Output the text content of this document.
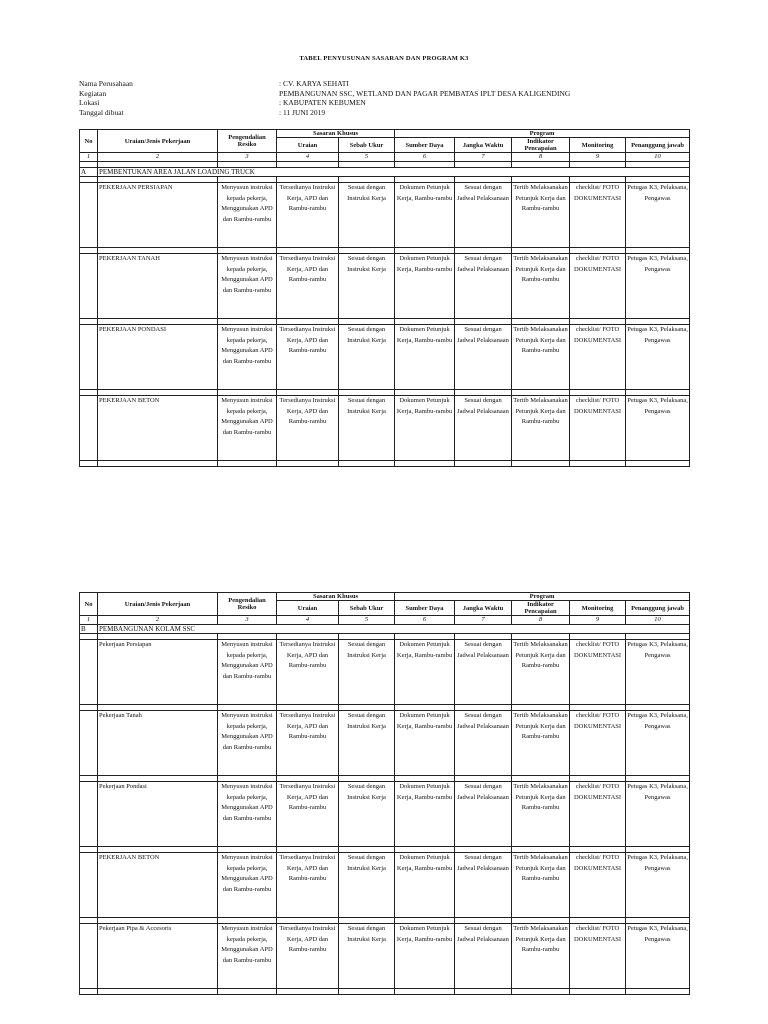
TABEL PENYUSUNAN SASARAN DAN PROGRAM K3
Nama Perusahaan	: CV. KARYA SEHATI
Kegiatan	PEMBANGUNAN SSC, WETLAND DAN PAGAR PEMBATAS IPLT DESA KALIGENDING
Lokasi	: KABUPATEN KEBUMEN
Tanggal dibuat	: 11 JUNI 2019
No	Uraian/Jenis Pekerjaan	Pengendalian Resiko	Sasaran Khusus		Program				
			Uraian	Sebab Ukur	Sumber Daya	Jangka Waktu	Indikator Pencapaian	Monitoring	Penanggung jawab
1	2	3	4	5	6	7	8	9	10

A	PEMBENTUKAN AREA JALAN LOADING TRUCK								

	PEKERJAAN PERSIAPAN	Menyusun instruksi kepada pekerja, Menggunakan APD dan Rambu-rambu	Tersedianya Instruksi Kerja, APD dan Rambu-rambu	Sesuai dengan Instruksi Kerja	Dokumen Petunjuk Kerja, Rambu-rambu	Sesuai dengan Jadwal Pelaksanaan	Tertib Melaksanakan Petunjuk Kerja dan Rambu-rambu	checklist/ FOTO DOKUMENTASI	Petugas K3, Pelaksana, Pengawas

	PEKERJAAN TANAH	Menyusun instruksi kepada pekerja, Menggunakan APD dan Rambu-rambu	Tersedianya Instruksi Kerja, APD dan Rambu-rambu	Sesuai dengan Instruksi Kerja	Dokumen Petunjuk Kerja, Rambu-rambu	Sesuai dengan Jadwal Pelaksanaan	Tertib Melaksanakan Petunjuk Kerja dan Rambu-rambu	checklist/ FOTO DOKUMENTASI	Petugas K3, Pelaksana, Pengawas

	PEKERJAAN PONDASI	Menyusun instruksi kepada pekerja, Menggunakan APD dan Rambu-rambu	Tersedianya Instruksi Kerja, APD dan Rambu-rambu	Sesuai dengan Instruksi Kerja	Dokumen Petunjuk Kerja, Rambu-rambu	Sesuai dengan Jadwal Pelaksanaan	Tertib Melaksanakan Petunjuk Kerja dan Rambu-rambu	checklist/ FOTO DOKUMENTASI	Petugas K3, Pelaksana, Pengawas

	PEKERJAAN BETON	Menyusun instruksi kepada pekerja, Menggunakan APD dan Rambu-rambu	Tersedianya Instruksi Kerja, APD dan Rambu-rambu	Sesuai dengan Instruksi Kerja	Dokumen Petunjuk Kerja, Rambu-rambu	Sesuai dengan Jadwal Pelaksanaan	Tertib Melaksanakan Petunjuk Kerja dan Rambu-rambu	checklist/ FOTO DOKUMENTASI	Petugas K3, Pelaksana, Pengawas

No	Uraian/Jenis Pekerjaan	Pengendalian Resiko	Sasaran Khusus		Program				
			Uraian	Sebab Ukur	Sumber Daya	Jangka Waktu	Indikator Pencapaian	Monitoring	Penanggung jawab
1	2	3	4	5	6	7	8	9	10
B	PEMBANGUNAN KOLAM SSC								

	Pekerjaan Persiapan	Menyusun instruksi kepada pekerja, Menggunakan APD dan Rambu-rambu	Tersedianya Instruksi Kerja, APD dan Rambu-rambu	Sesuai dengan Instruksi Kerja	Dokumen Petunjuk Kerja, Rambu-rambu	Sesuai dengan Jadwal Pelaksanaan	Tertib Melaksanakan Petunjuk Kerja dan Rambu-rambu	checklist/ FOTO DOKUMENTASI	Petugas K3, Pelaksana, Pengawas

	Pekerjaan Tanah	Menyusun instruksi kepada pekerja, Menggunakan APD dan Rambu-rambu	Tersedianya Instruksi Kerja, APD dan Rambu-rambu	Sesuai dengan Instruksi Kerja	Dokumen Petunjuk Kerja, Rambu-rambu	Sesuai dengan Jadwal Pelaksanaan	Tertib Melaksanakan Petunjuk Kerja dan Rambu-rambu	checklist/ FOTO DOKUMENTASI	Petugas K3, Pelaksana, Pengawas

	Pekerjaan Pondasi	Menyusun instruksi kepada pekerja, Menggunakan APD dan Rambu-rambu	Tersedianya Instruksi Kerja, APD dan Rambu-rambu	Sesuai dengan Instruksi Kerja	Dokumen Petunjuk Kerja, Rambu-rambu	Sesuai dengan Jadwal Pelaksanaan	Tertib Melaksanakan Petunjuk Kerja dan Rambu-rambu	checklist/ FOTO DOKUMENTASI	Petugas K3, Pelaksana, Pengawas

	PEKERJAAN BETON	Menyusun instruksi kepada pekerja, Menggunakan APD dan Rambu-rambu	Tersedianya Instruksi Kerja, APD dan Rambu-rambu	Sesuai dengan Instruksi Kerja	Dokumen Petunjuk Kerja, Rambu-rambu	Sesuai dengan Jadwal Pelaksanaan	Tertib Melaksanakan Petunjuk Kerja dan Rambu-rambu	checklist/ FOTO DOKUMENTASI	Petugas K3, Pelaksana, Pengawas

	Pekerjaan Pipa & Accesoris	Menyusun instruksi kepada pekerja, Menggunakan APD dan Rambu-rambu	Tersedianya Instruksi Kerja, APD dan Rambu-rambu	Sesuai dengan Instruksi Kerja	Dokumen Petunjuk Kerja, Rambu-rambu	Sesuai dengan Jadwal Pelaksanaan	Tertib Melaksanakan Petunjuk Kerja dan Rambu-rambu	checklist/ FOTO DOKUMENTASI	Petugas K3, Pelaksana, Pengawas
